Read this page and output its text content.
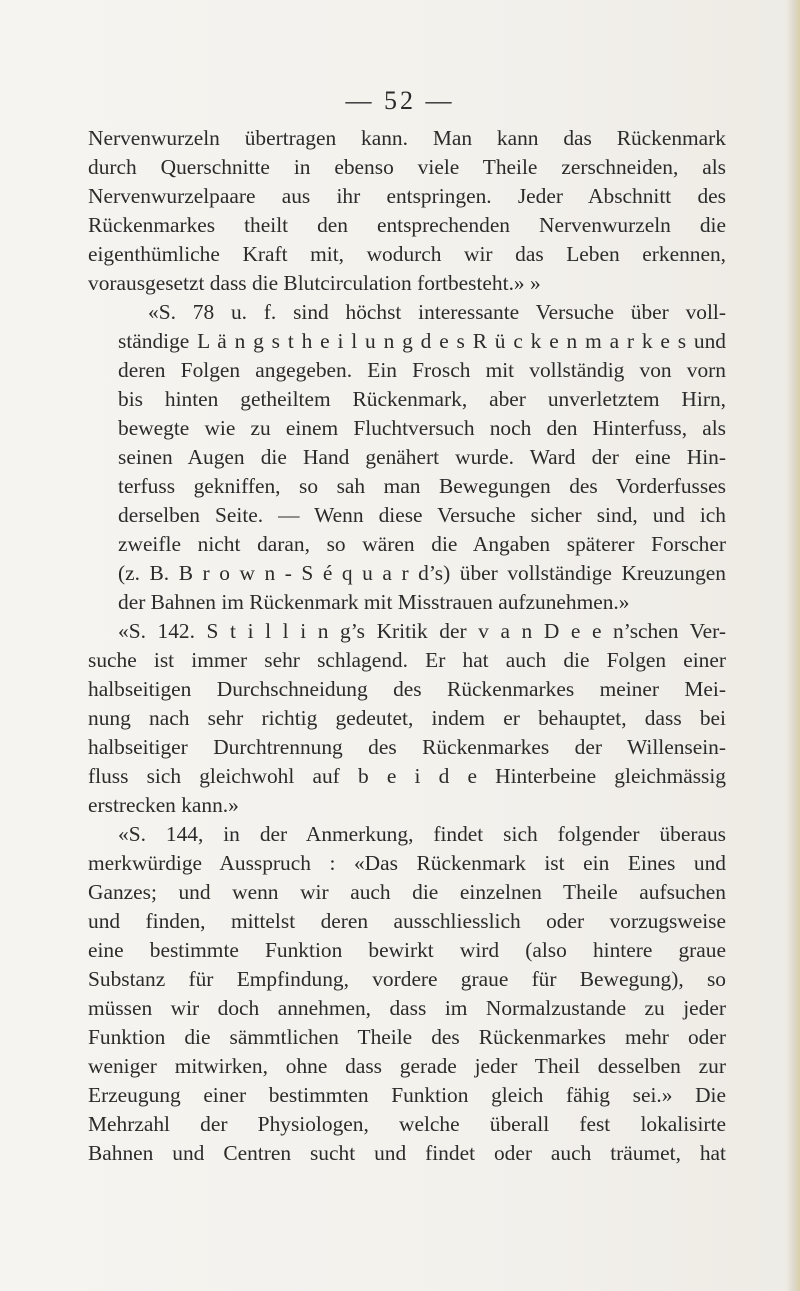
— 52 —

Nervenwurzeln übertragen kann. Man kann das Rückenmark
durch Querschnitte in ebenso viele Theile zerschneiden, als
Nervenwurzelpaare aus ihr entspringen. Jeder Abschnitt des
Rückenmarkes theilt den entsprechenden Nervenwurzeln die
eigenthümliche Kraft mit, wodurch wir das Leben erkennen,
vorausgesetzt dass die Blutcirculation fortbesteht.» »

«S. 78 u. f. sind höchst interessante Versuche über voll-
ständige L ä n g s t h e i l u n g d e s R ü c k e n m a r k e s und
deren Folgen angegeben. Ein Frosch mit vollständig von vorn
bis hinten getheiltem Rückenmark, aber unverletztem Hirn,
bewegte wie zu einem Fluchtversuch noch den Hinterfuss, als
seinen Augen die Hand genähert wurde. Ward der eine Hin-
terfuss gekniffen, so sah man Bewegungen des Vorderfusses
derselben Seite. — Wenn diese Versuche sicher sind, und ich
zweifle nicht daran, so wären die Angaben späterer Forscher
(z. B. B r o w n - S é q u a r d’s) über vollständige Kreuzungen
der Bahnen im Rückenmark mit Misstrauen aufzunehmen.»

«S. 142. S t i l l i n g’s Kritik der v a n D e e n’schen Ver-
suche ist immer sehr schlagend. Er hat auch die Folgen einer
halbseitigen Durchschneidung des Rückenmarkes meiner Mei-
nung nach sehr richtig gedeutet, indem er behauptet, dass bei
halbseitiger Durchtrennung des Rückenmarkes der Willensein-
fluss sich gleichwohl auf b e i d e Hinterbeine gleichmässig
erstrecken kann.»

«S. 144, in der Anmerkung, findet sich folgender überaus
merkwürdige Ausspruch : «Das Rückenmark ist ein Eines und
Ganzes; und wenn wir auch die einzelnen Theile aufsuchen
und finden, mittelst deren ausschliesslich oder vorzugsweise
eine bestimmte Funktion bewirkt wird (also hintere graue
Substanz für Empfindung, vordere graue für Bewegung), so
müssen wir doch annehmen, dass im Normalzustande zu jeder
Funktion die sämmtlichen Theile des Rückenmarkes mehr oder
weniger mitwirken, ohne dass gerade jeder Theil desselben zur
Erzeugung einer bestimmten Funktion gleich fähig sei.» Die
Mehrzahl der Physiologen, welche überall fest lokalisirte
Bahnen und Centren sucht und findet oder auch träumet, hat
